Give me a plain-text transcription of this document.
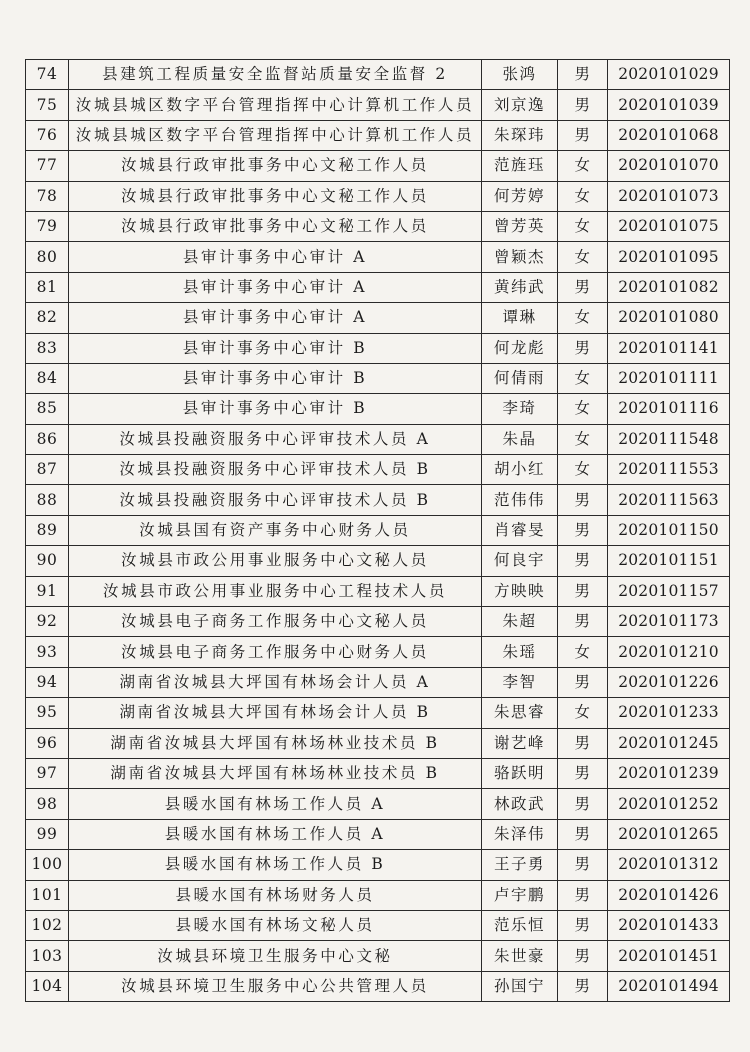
74	县建筑工程质量安全监督站质量安全监督 2	张鸿	男	2020101029
75	汝城县城区数字平台管理指挥中心计算机工作人员	刘京逸	男	2020101039
76	汝城县城区数字平台管理指挥中心计算机工作人员	朱琛玮	男	2020101068
77	汝城县行政审批事务中心文秘工作人员	范旌珏	女	2020101070
78	汝城县行政审批事务中心文秘工作人员	何芳婷	女	2020101073
79	汝城县行政审批事务中心文秘工作人员	曾芳英	女	2020101075
80	县审计事务中心审计 A	曾颖杰	女	2020101095
81	县审计事务中心审计 A	黄纬武	男	2020101082
82	县审计事务中心审计 A	谭琳	女	2020101080
83	县审计事务中心审计 B	何龙彪	男	2020101141
84	县审计事务中心审计 B	何倩雨	女	2020101111
85	县审计事务中心审计 B	李琦	女	2020101116
86	汝城县投融资服务中心评审技术人员 A	朱晶	女	2020111548
87	汝城县投融资服务中心评审技术人员 B	胡小红	女	2020111553
88	汝城县投融资服务中心评审技术人员 B	范伟伟	男	2020111563
89	汝城县国有资产事务中心财务人员	肖睿旻	男	2020101150
90	汝城县市政公用事业服务中心文秘人员	何良宇	男	2020101151
91	汝城县市政公用事业服务中心工程技术人员	方映映	男	2020101157
92	汝城县电子商务工作服务中心文秘人员	朱超	男	2020101173
93	汝城县电子商务工作服务中心财务人员	朱瑶	女	2020101210
94	湖南省汝城县大坪国有林场会计人员 A	李智	男	2020101226
95	湖南省汝城县大坪国有林场会计人员 B	朱思睿	女	2020101233
96	湖南省汝城县大坪国有林场林业技术员 B	谢艺峰	男	2020101245
97	湖南省汝城县大坪国有林场林业技术员 B	骆跃明	男	2020101239
98	县暖水国有林场工作人员 A	林政武	男	2020101252
99	县暖水国有林场工作人员 A	朱泽伟	男	2020101265
100	县暖水国有林场工作人员 B	王子勇	男	2020101312
101	县暖水国有林场财务人员	卢宇鹏	男	2020101426
102	县暖水国有林场文秘人员	范乐恒	男	2020101433
103	汝城县环境卫生服务中心文秘	朱世豪	男	2020101451
104	汝城县环境卫生服务中心公共管理人员	孙国宁	男	2020101494
